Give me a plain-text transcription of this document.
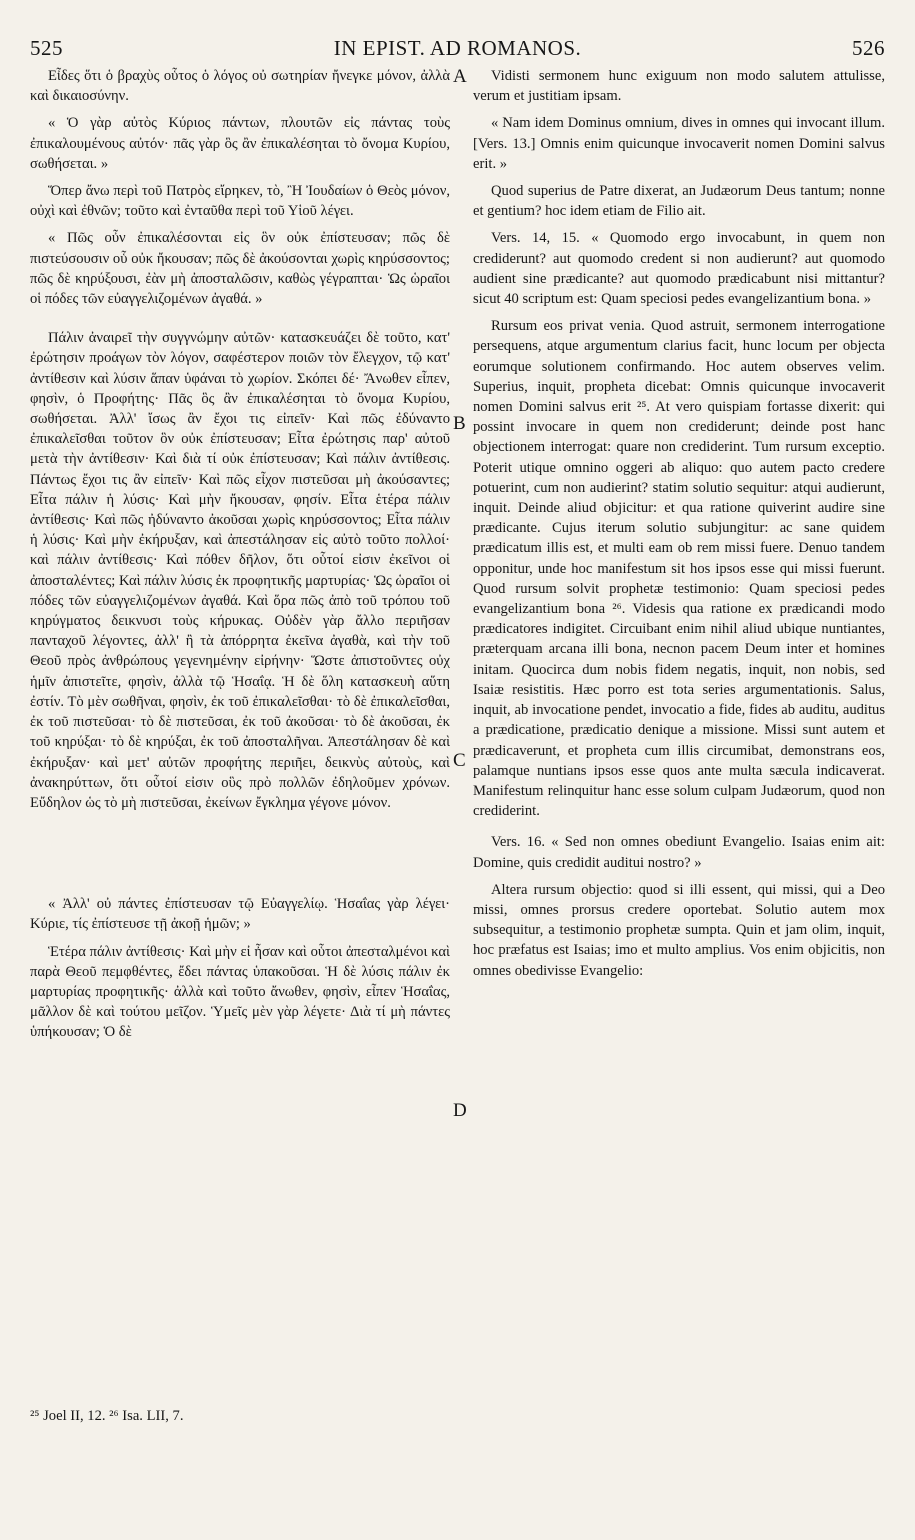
525	IN EPIST. AD ROMANOS.	526

Εἶδες ὅτι ὁ βραχὺς οὗτος ὁ λόγος οὐ σωτηρίαν ἤνεγκε μόνον, ἀλλὰ καὶ δικαιοσύνην.

« Ὁ γὰρ αὐτὸς Κύριος πάντων, πλουτῶν εἰς πάντας τοὺς ἐπικαλουμένους αὐτόν· πᾶς γὰρ ὃς ἂν ἐπικαλέσηται τὸ ὄνομα Κυρίου, σωθήσεται. »

Ὅπερ ἄνω περὶ τοῦ Πατρὸς εἴρηκεν, τὸ, Ἢ Ἰουδαίων ὁ Θεὸς μόνον, οὐχὶ καὶ ἐθνῶν; τοῦτο καὶ ἐνταῦθα περὶ τοῦ Υἱοῦ λέγει.

« Πῶς οὖν ἐπικαλέσονται εἰς ὃν οὐκ ἐπίστευσαν; πῶς δὲ πιστεύσουσιν οὗ οὐκ ἤκουσαν; πῶς δὲ ἀκούσονται χωρὶς κηρύσσοντος; πῶς δὲ κηρύξουσι, ἐὰν μὴ ἀποσταλῶσιν, καθὼς γέγραπται· Ὡς ὡραῖοι οἱ πόδες τῶν εὐαγγελιζομένων ἀγαθά. »

Πάλιν ἀναιρεῖ τὴν συγγνώμην αὐτῶν· κατασκευάζει δὲ τοῦτο, κατ' ἐρώτησιν προάγων τὸν λόγον, σαφέστερον ποιῶν τὸν ἔλεγχον, τῷ κατ' ἀντίθεσιν καὶ λύσιν ἅπαν ὑφάναι τὸ χωρίον. Σκόπει δέ· Ἄνωθεν εἶπεν, φησὶν, ὁ Προφήτης· Πᾶς ὃς ἂν ἐπικαλέσηται τὸ ὄνομα Κυρίου, σωθήσεται. Ἀλλ' ἴσως ἂν ἔχοι τις εἰπεῖν· Καὶ πῶς ἐδύναντο ἐπικαλεῖσθαι τοῦτον ὃν οὐκ ἐπίστευσαν; Εἶτα ἐρώτησις παρ' αὐτοῦ μετὰ τὴν ἀντίθεσιν· Καὶ διὰ τί οὐκ ἐπίστευσαν; Καὶ πάλιν ἀντίθεσις. Πάντως ἔχοι τις ἂν εἰπεῖν· Καὶ πῶς εἶχον πιστεῦσαι μὴ ἀκούσαντες; Εἶτα πάλιν ἡ λύσις· Καὶ μὴν ἤκουσαν, φησίν. Εἶτα ἑτέρα πάλιν ἀντίθεσις· Καὶ πῶς ἠδύναντο ἀκοῦσαι χωρὶς κηρύσσοντος; Εἶτα πάλιν ἡ λύσις· Καὶ μὴν ἐκήρυξαν, καὶ ἀπεστάλησαν εἰς αὐτὸ τοῦτο πολλοί· καὶ πάλιν ἀντίθεσις· Καὶ πόθεν δῆλον, ὅτι οὗτοί εἰσιν ἐκεῖνοι οἱ ἀποσταλέντες; Καὶ πάλιν λύσις ἐκ προφητικῆς μαρτυρίας· Ὡς ὡραῖοι οἱ πόδες τῶν εὐαγγελιζομένων ἀγαθά. Καὶ ὅρα πῶς ἀπὸ τοῦ τρόπου τοῦ κηρύγματος δεικνυσι τοὺς κήρυκας. Οὐδὲν γὰρ ἄλλο περιῆσαν πανταχοῦ λέγοντες, ἀλλ' ἢ τὰ ἀπόρρητα ἐκεῖνα ἀγαθὰ, καὶ τὴν τοῦ Θεοῦ πρὸς ἀνθρώπους γεγενημένην εἰρήνην· Ὥστε ἀπιστοῦντες οὐχ ἡμῖν ἀπιστεῖτε, φησὶν, ἀλλὰ τῷ Ἡσαΐᾳ. Ἡ δὲ ὅλη κατασκευὴ αὕτη ἐστίν. Τὸ μὲν σωθῆναι, φησὶν, ἐκ τοῦ ἐπικαλεῖσθαι· τὸ δὲ ἐπικαλεῖσθαι, ἐκ τοῦ πιστεῦσαι· τὸ δὲ πιστεῦσαι, ἐκ τοῦ ἀκοῦσαι· τὸ δὲ ἀκοῦσαι, ἐκ τοῦ κηρύξαι· τὸ δὲ κηρύξαι, ἐκ τοῦ ἀποσταλῆναι. Ἀπεστάλησαν δὲ καὶ ἐκήρυξαν· καὶ μετ' αὐτῶν προφήτης περιῆει, δεικνὺς αὐτοὺς, καὶ ἀνακηρύττων, ὅτι οὗτοί εἰσιν οὓς πρὸ πολλῶν ἐδηλοῦμεν χρόνων. Εὔδηλον ὡς τὸ μὴ πιστεῦσαι, ἐκείνων ἔγκλημα γέγονε μόνον.

« Ἀλλ' οὐ πάντες ἐπίστευσαν τῷ Εὐαγγελίῳ. Ἡσαΐας γὰρ λέγει· Κύριε, τίς ἐπίστευσε τῇ ἀκοῇ ἡμῶν; »

Ἑτέρα πάλιν ἀντίθεσις· Καὶ μὴν εἰ ἦσαν καὶ οὗτοι ἀπεσταλμένοι καὶ παρὰ Θεοῦ πεμφθέντες, ἔδει πάντας ὑπακοῦσαι. Ἡ δὲ λύσις πάλιν ἐκ μαρτυρίας προφητικῆς· ἀλλὰ καὶ τοῦτο ἄνωθεν, φησὶν, εἶπεν Ἡσαΐας, μᾶλλον δὲ καὶ τούτου μεῖζον. Ὑμεῖς μὲν γὰρ λέγετε· Διὰ τί μὴ πάντες ὑπήκουσαν; Ὁ δὲ

Vidisti sermonem hunc exiguum non modo salutem attulisse, verum et justitiam ipsam.

« Nam idem Dominus omnium, dives in omnes qui invocant illum. [Vers. 13.] Omnis enim quicunque invocaverit nomen Domini salvus erit. »

Quod superius de Patre dixerat, an Judæorum Deus tantum; nonne et gentium? hoc idem etiam de Filio ait.

Vers. 14, 15. « Quomodo ergo invocabunt, in quem non crediderunt? aut quomodo credent si non audierunt? aut quomodo audient sine prædicante? aut quomodo prædicabunt nisi mittantur? sicut 40 scriptum est: Quam speciosi pedes evangelizantium bona. »

Rursum eos privat venia. Quod astruit, sermonem interrogatione persequens, atque argumentum clarius facit, hunc locum per objecta eorumque solutionem confirmando. Hoc autem observes velim. Superius, inquit, propheta dicebat: Omnis quicunque invocaverit nomen Domini salvus erit ²⁵. At vero quispiam fortasse dixerit: qui possint invocare in quem non crediderunt; deinde post hanc objectionem interrogat: quare non crediderint. Tum rursum exceptio. Poterit utique omnino oggeri ab aliquo: quo autem pacto credere potuerint, cum non audierint? statim solutio sequitur: atqui audierunt, inquit. Deinde aliud objicitur: et qua ratione quiverint audire sine prædicante. Cujus iterum solutio subjungitur: ac sane quidem prædicatum illis est, et multi eam ob rem missi fuere. Denuo tandem opponitur, unde hoc manifestum sit hos ipsos esse qui missi fuerunt. Quod rursum solvit prophetæ testimonio: Quam speciosi pedes evangelizantium bona ²⁶. Videsis qua ratione ex prædicandi modo prædicatores indigitet. Circuibant enim nihil aliud ubique nuntiantes, præterquam arcana illi bona, necnon pacem Deum inter et homines initam. Quocirca dum nobis fidem negatis, inquit, non nobis, sed Isaiæ resistitis. Hæc porro est tota series argumentationis. Salus, inquit, ab invocatione pendet, invocatio a fide, fides ab auditu, auditus a prædicatione, prædicatio denique a missione. Missi sunt autem et prædicaverunt, et propheta cum illis circumibat, demonstrans eos, palamque nuntians ipsos esse quos ante multa sæcula indicaverat. Manifestum relinquitur hanc esse solum culpam Judæorum, quod non crediderint.

Vers. 16. « Sed non omnes obediunt Evangelio. Isaias enim ait: Domine, quis credidit auditui nostro? »

Altera rursum objectio: quod si illi essent, qui missi, qui a Deo missi, omnes prorsus credere oportebat. Solutio autem mox subsequitur, a testimonio prophetæ sumpta. Quin et jam olim, inquit, hoc præfatus est Isaias; imo et multo amplius. Vos enim objicitis, non omnes obedivisse Evangelio:

A
B
C
D
²⁵ Joel II, 12. ²⁶ Isa. LII, 7.
